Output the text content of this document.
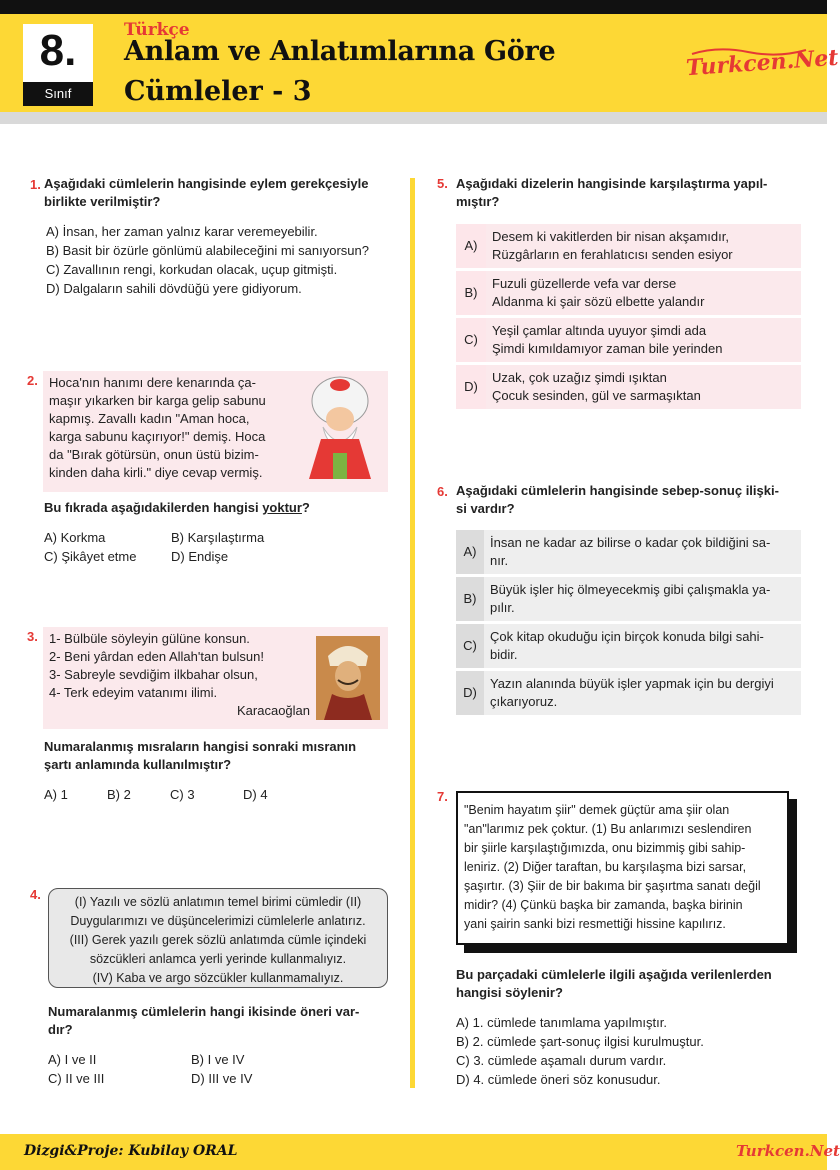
8.
Sınıf
Türkçe
Anlam ve Anlatımlarına Göre
Cümleler - 3
Turkcen.Net
1. Aşağıdaki cümlelerin hangisinde eylem gerekçesiyle
birlikte verilmiştir?
A) İnsan, her zaman yalnız karar veremeyebilir.
B) Basit bir özürle gönlümü alabileceğini mi sanıyorsun?
C) Zavallının rengi, korkudan olacak, uçup gitmişti.
D) Dalgaların sahili dövdüğü yere gidiyorum.
2. Hoca'nın hanımı dere kenarında ça-

maşır yıkarken bir karga gelip sabunu

kapmış. Zavallı kadın "Aman hoca,

karga sabunu kaçırıyor!" demiş. Hoca

da "Bırak götürsün, onun üstü bizim-

kinden daha kirli." diye cevap vermiş.

Bu fıkrada aşağıdakilerden hangisi yoktur?
A) Korkma	B) Karşılaştırma
C) Şikâyet etme	D) Endişe
3. 1- Bülbüle söyleyin gülüne konsun.

2- Beni yârdan eden Allah'tan bulsun!

3- Sabreyle sevdiğim ilkbahar olsun,

4- Terk edeyim vatanımı ilimi.

Karacaoğlan

Numaralanmış mısraların hangisi sonraki mısranın
şartı anlamında kullanılmıştır?
A) 1	B) 2	C) 3	D) 4
4.	(I) Yazılı ve sözlü anlatımın temel birimi cümledir (II)
Duygularımızı ve düşüncelerimizi cümlelerle anlatırız.
(III) Gerek yazılı gerek sözlü anlatımda cümle içindeki
sözcükleri anlamca yerli yerinde kullanmalıyız.
(IV) Kaba ve argo sözcükler kullanmamalıyız.
Numaralanmış cümlelerin hangi ikisinde öneri var-
dır?
A) I ve II	B) I ve IV
C) II ve III	D) III ve IV
5. Aşağıdaki dizelerin hangisinde karşılaştırma yapıl-
mıştır?
A)
Desem ki vakitlerden bir nisan akşamıdır,
Rüzgârların en ferahlatıcısı senden esiyor
B)
Fuzuli güzellerde vefa var derse
Aldanma ki şair sözü elbette yalandır
C)
Yeşil çamlar altında uyuyor şimdi ada
Şimdi kımıldamıyor zaman bile yerinden
D)
Uzak, çok uzağız şimdi ışıktan
Çocuk sesinden, gül ve sarmaşıktan
6. Aşağıdaki cümlelerin hangisinde sebep-sonuç ilişki-
si vardır?
A)
İnsan ne kadar az bilirse o kadar çok bildiğini sa-
nır.
B)
Büyük işler hiç ölmeyecekmiş gibi çalışmakla ya-
pılır.
C)
Çok kitap okuduğu için birçok konuda bilgi sahi-
bidir.
D)
Yazın alanında büyük işler yapmak için bu dergiyi
çıkarıyoruz.
7.

"Benim hayatım şiir" demek güçtür ama şiir olan

"an"larımız pek çoktur. (1) Bu anlarımızı seslendiren

bir şiirle karşılaştığımızda, onu bizimmiş gibi sahip-

leniriz. (2) Diğer taraftan, bu karşılaşma bizi sarsar,

şaşırtır. (3) Şiir de bir bakıma bir şaşırtma sanatı değil

midir? (4) Çünkü başka bir zamanda, başka birinin

yani şairin sanki bizi resmettiği hissine kapılırız.

Bu parçadaki cümlelerle ilgili aşağıda verilenlerden
hangisi söylenir?
A) 1. cümlede tanımlama yapılmıştır.
B) 2. cümlede şart-sonuç ilgisi kurulmuştur.
C) 3. cümlede aşamalı durum vardır.
D) 4. cümlede öneri söz konusudur.
Dizgi&Proje: Kubilay ORAL	Turkcen.Net
